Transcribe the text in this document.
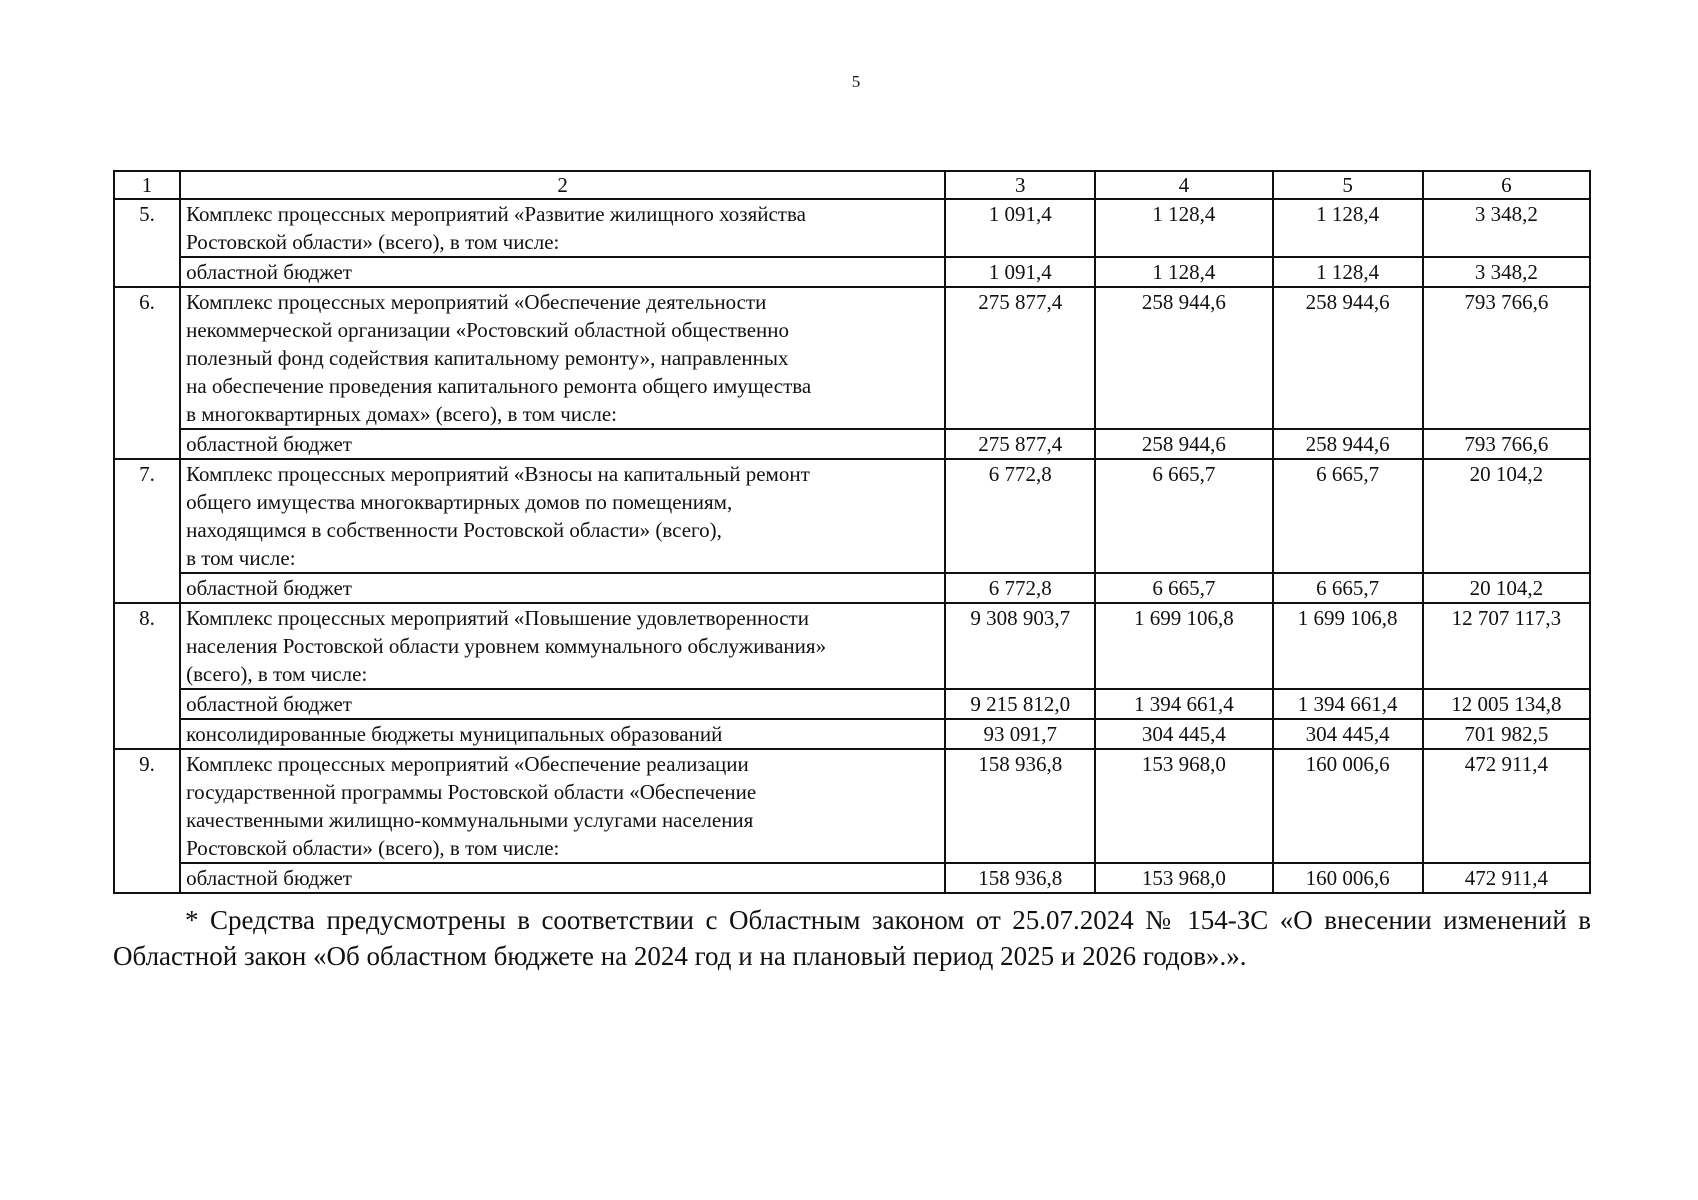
5
1	2	3	4	5	6
5.	Комплекс процессных мероприятий «Развитие жилищного хозяйства
Ростовской области» (всего), в том числе:	1 091,4	1 128,4	1 128,4	3 348,2
	областной бюджет	1 091,4	1 128,4	1 128,4	3 348,2
6.	Комплекс процессных мероприятий «Обеспечение деятельности
некоммерческой организации «Ростовский областной общественно
полезный фонд содействия капитальному ремонту», направленных
на обеспечение проведения капитального ремонта общего имущества
в многоквартирных домах» (всего), в том числе:	275 877,4	258 944,6	258 944,6	793 766,6
	областной бюджет	275 877,4	258 944,6	258 944,6	793 766,6
7.	Комплекс процессных мероприятий «Взносы на капитальный ремонт
общего имущества многоквартирных домов по помещениям,
находящимся в собственности Ростовской области» (всего),
в том числе:	6 772,8	6 665,7	6 665,7	20 104,2
	областной бюджет	6 772,8	6 665,7	6 665,7	20 104,2
8.	Комплекс процессных мероприятий «Повышение удовлетворенности
населения Ростовской области уровнем коммунального обслуживания»
(всего), в том числе:	9 308 903,7	1 699 106,8	1 699 106,8	12 707 117,3
	областной бюджет	9 215 812,0	1 394 661,4	1 394 661,4	12 005 134,8
	консолидированные бюджеты муниципальных образований	93 091,7	304 445,4	304 445,4	701 982,5
9.	Комплекс процессных мероприятий «Обеспечение реализации
государственной программы Ростовской области «Обеспечение
качественными жилищно-коммунальными услугами населения
Ростовской области» (всего), в том числе:	158 936,8	153 968,0	160 006,6	472 911,4
	областной бюджет	158 936,8	153 968,0	160 006,6	472 911,4
* Средства предусмотрены в соответствии с Областным законом от 25.07.2024 № 154-ЗС «О внесении изменений в Областной закон «Об областном бюджете на 2024 год и на плановый период 2025 и 2026 годов».».
